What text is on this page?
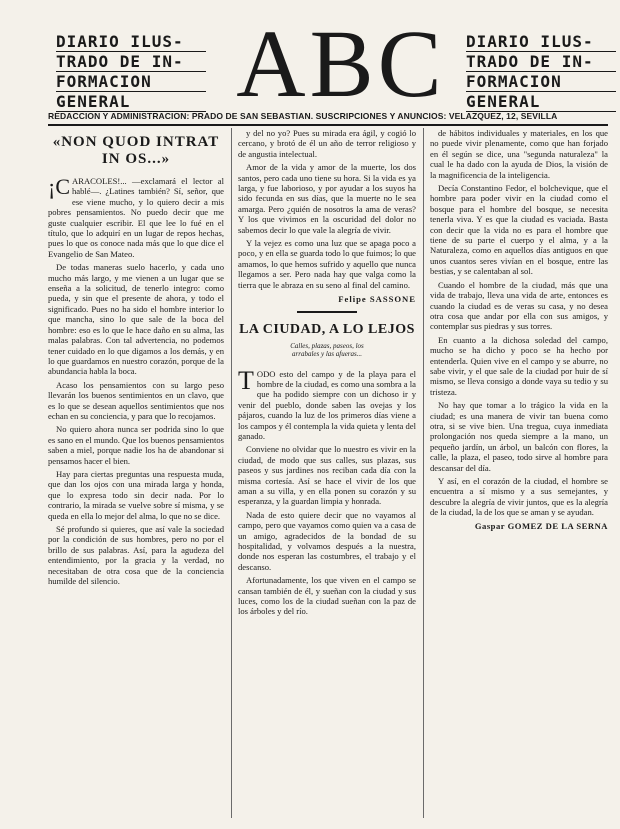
DIARIO ILUS-
TRADO DE IN-
FORMACION
GENERAL	ABC	DIARIO ILUS-
TRADO DE IN-
FORMACION
GENERAL
REDACCION Y ADMINISTRACION: PRADO DE SAN SEBASTIAN. SUSCRIPCIONES Y ANUNCIOS: VELAZQUEZ, 12, SEVILLA
«NON QUOD INTRAT
IN OS...»

¡C ARACOLES!... —exclamará el lector al hablé—. ¿Latines también? Sí, señor, que ese viene mucho, y lo quiero decir a mis pobres pensamientos. No puedo decir que me guste cualquier escribir. El que lee lo fué en el título, que lo adquirí en un lugar de repos hechas, pues lo que os conoce nada más que lo que dice el Evangelio de San Mateo.

De todas maneras suelo hacerlo, y cada uno mucho más largo, y me vienen a un lugar que se enseña a la solicitud, de tenerlo integro: como pueda, y sin que el presente de ahora, y todo el significado. Pues no ha sido el hombre interior lo que mancha, sino lo que sale de la boca del hombre: eso es lo que le hace daño en su alma, las malas palabras. Con tal advertencia, no podemos tener cuidado en lo que digamos a los demás, y en lo que guardamos en nuestro corazón, porque de la abundancia habla la boca.

Acaso los pensamientos con su largo peso llevarán los buenos sentimientos en un clavo, que es lo que se desean aquellos sentimientos que nos echan en su conciencia, y para que lo recojamos.

No quiero ahora nunca ser podrida sino lo que es sano en el mundo. Que los buenos pensamientos saben a miel, porque nadie los ha de abandonar si pensamos hacer el bien.

Hay para ciertas preguntas una respuesta muda, que dan los ojos con una mirada larga y honda, que lo expresa todo sin decir nada. Por lo contrario, la mirada se vuelve sobre sí misma, y se queda en ella lo mejor del alma, lo que no se dice.

Sé profundo si quieres, que así vale la sociedad por la condición de sus hombres, pero no por el brillo de sus palabras. Así, para la agudeza del entendimiento, por la gracia y la verdad, no necesitaban de otra cosa que de la conciencia humilde del silencio.

y del no yo? Pues su mirada era ágil, y cogió lo cercano, y brotó de él un año de terror religioso y de angustia intelectual.

Amor de la vida y amor de la muerte, los dos santos, pero cada uno tiene su hora. Si la vida es ya larga, y fue laborioso, y por ayudar a los suyos ha sido fecunda en sus días, que la muerte no le sea amarga. Pero ¿quién de nosotros la ama de veras? Y los que vivimos en la oscuridad del dolor no sabemos decir lo que vale la alegría de vivir.

Y la vejez es como una luz que se apaga poco a poco, y en ella se guarda todo lo que fuimos; lo que amamos, lo que hemos sufrido y aquello que nunca llegamos a ser. Pero nada hay que valga como la tierra que le abraza en su seno al final del camino.

Felipe SASSONE

LA CIUDAD, A LO LEJOS
Calles, plazas, paseos, los
arrabales y las afueras...

T ODO esto del campo y de la playa para el hombre de la ciudad, es como una sombra a la que ha podido siempre con un dichoso ir y venir del pueblo, donde saben las ovejas y los pájaros, cuando la luz de los primeros días viene a los campos y él contempla la vida quieta y lenta del ganado.

Conviene no olvidar que lo nuestro es vivir en la ciudad, de modo que sus calles, sus plazas, sus paseos y sus jardines nos reciban cada día con la misma cortesía. Así se hace el vivir de los que aman a su villa, y en ella ponen su corazón y su esperanza, y la guardan limpia y honrada.

Nada de esto quiere decir que no vayamos al campo, pero que vayamos como quien va a casa de un amigo, agradecidos de la bondad de su hospitalidad, y volvamos después a la nuestra, donde nos esperan las costumbres, el trabajo y el descanso.

Afortunadamente, los que viven en el campo se cansan también de él, y sueñan con la ciudad y sus luces, como los de la ciudad sueñan con la paz de los árboles y del río.

de hábitos individuales y materiales, en los que no puede vivir plenamente, como que han forjado en él según se dice, una "segunda naturaleza" la cual le ha dado con la ayuda de Dios, la visión de la magnificencia de la inteligencia.

Decía Constantino Fedor, el bolchevique, que el hombre para poder vivir en la ciudad como el bosque para el hombre del bosque, se necesita tenerla viva. Y es que la ciudad es vaciada. Basta con decir que la vida no es para el hombre que tiene de su parte el cuerpo y el alma, y a la Naturaleza, como en aquellos días antiguos en que unos cuantos seres vivían en el bosque, entre las bestias, y se calentaban al sol.

Cuando el hombre de la ciudad, más que una vida de trabajo, lleva una vida de arte, entonces es cuando la ciudad es de veras su casa, y no desea otra cosa que andar por ella con sus amigos, y contemplar sus piedras y sus torres.

En cuanto a la dichosa soledad del campo, mucho se ha dicho y poco se ha hecho por entenderla. Quien vive en el campo y se aburre, no sabe vivir, y el que sale de la ciudad por huir de sí mismo, se lleva consigo a donde vaya su tedio y su tristeza.

No hay que tomar a lo trágico la vida en la ciudad; es una manera de vivir tan buena como otra, si se vive bien. Una tregua, cuya inmediata prolongación nos queda siempre a la mano, un pequeño jardín, un árbol, un balcón con flores, la calle, la plaza, el paseo, todo sirve al hombre para descansar del día.

Y así, en el corazón de la ciudad, el hombre se encuentra a sí mismo y a sus semejantes, y descubre la alegría de vivir juntos, que es la alegría de la ciudad, la de los que se aman y se ayudan.

Gaspar GOMEZ DE LA SERNA
